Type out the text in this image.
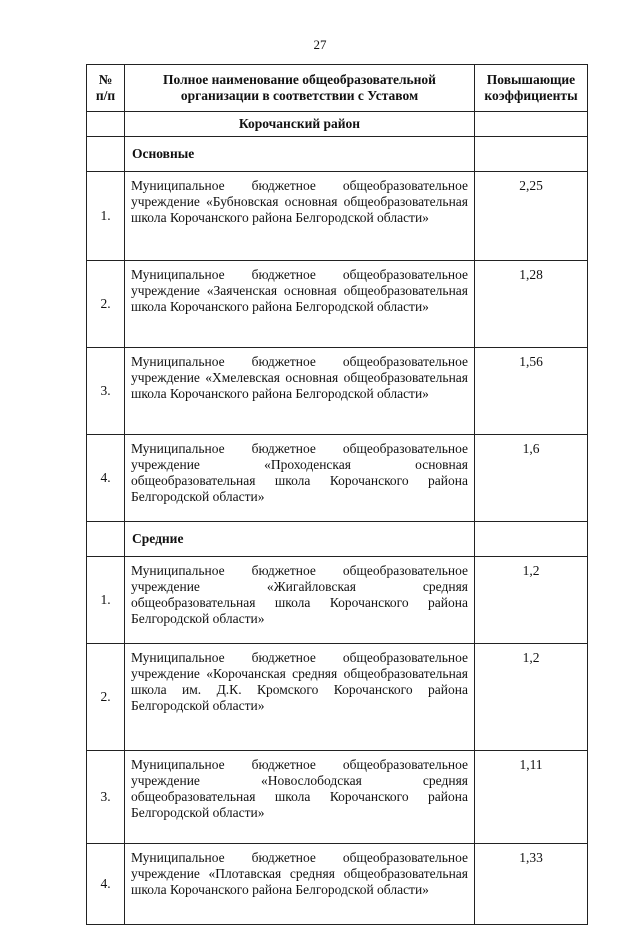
27
№
п/п	Полное наименование общеобразовательной организации в соответствии с Уставом	Повышающие коэффициенты
	Корочанский район	
	Основные	
1.	Муниципальное бюджетное общеобразовательное учреждение «Бубновская основная общеобразовательная школа Корочанского района Белгородской области»	2,25
2.	Муниципальное бюджетное общеобразовательное учреждение «Заяченская основная общеобразовательная школа Корочанского района Белгородской области»	1,28
3.	Муниципальное бюджетное общеобразовательное учреждение «Хмелевская основная общеобразовательная школа Корочанского района Белгородской области»	1,56
4.	Муниципальное бюджетное общеобразовательное учреждение «Проходенская основная общеобразовательная школа Корочанского района Белгородской области»	1,6
	Средние	
1.	Муниципальное бюджетное общеобразовательное учреждение «Жигайловская средняя общеобразовательная школа Корочанского района Белгородской области»	1,2
2.	Муниципальное бюджетное общеобразовательное учреждение «Корочанская средняя общеобразовательная школа им. Д.К. Кромского Корочанского района Белгородской области»	1,2
3.	Муниципальное бюджетное общеобразовательное учреждение «Новослободская средняя общеобразовательная школа Корочанского района Белгородской области»	1,11
4.	Муниципальное бюджетное общеобразовательное учреждение «Плотавская средняя общеобразовательная школа Корочанского района Белгородской области»	1,33
